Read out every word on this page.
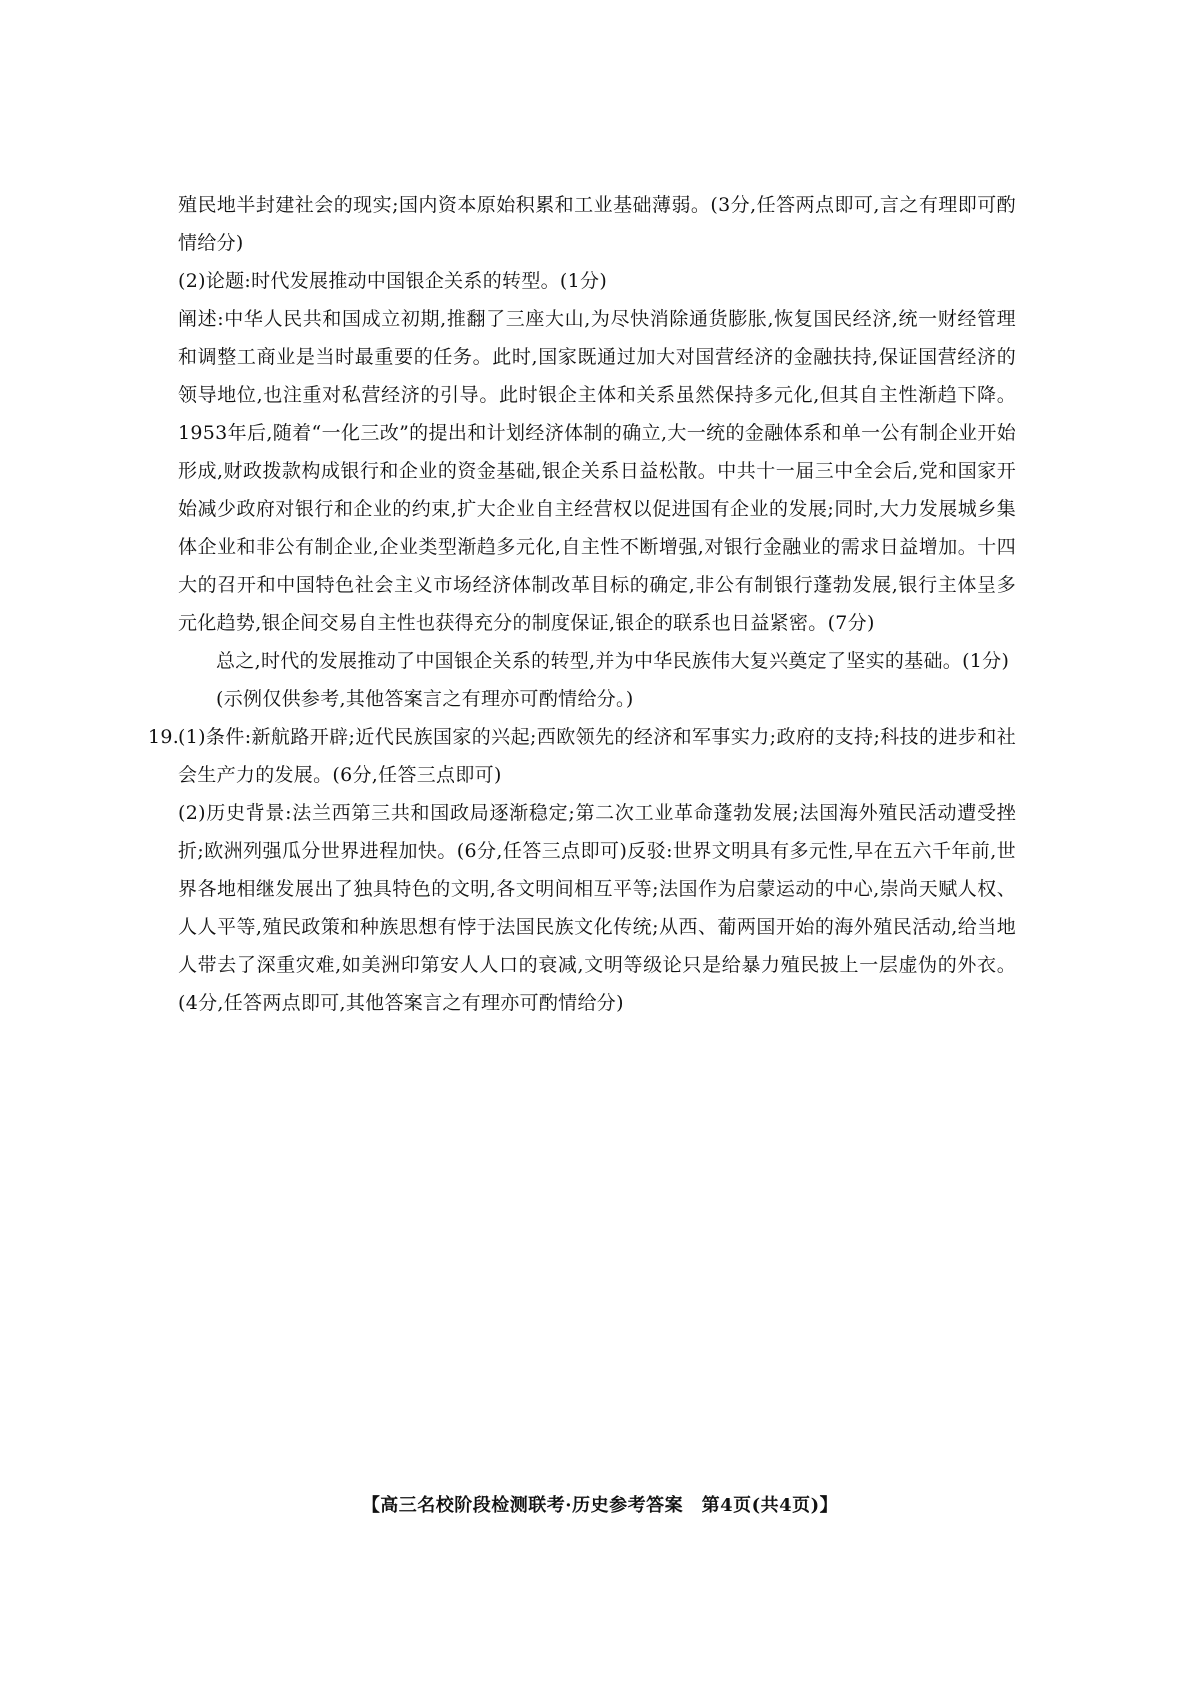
殖民地半封建社会的现实;国内资本原始积累和工业基础薄弱。(3分,任答两点即可,言之有理即可酌情给分)

(2)论题:时代发展推动中国银企关系的转型。(1分)

阐述:中华人民共和国成立初期,推翻了三座大山,为尽快消除通货膨胀,恢复国民经济,统一财经管理和调整工商业是当时最重要的任务。此时,国家既通过加大对国营经济的金融扶持,保证国营经济的领导地位,也注重对私营经济的引导。此时银企主体和关系虽然保持多元化,但其自主性渐趋下降。1953年后,随着“一化三改”的提出和计划经济体制的确立,大一统的金融体系和单一公有制企业开始形成,财政拨款构成银行和企业的资金基础,银企关系日益松散。中共十一届三中全会后,党和国家开始减少政府对银行和企业的约束,扩大企业自主经营权以促进国有企业的发展;同时,大力发展城乡集体企业和非公有制企业,企业类型渐趋多元化,自主性不断增强,对银行金融业的需求日益增加。十四大的召开和中国特色社会主义市场经济体制改革目标的确定,非公有制银行蓬勃发展,银行主体呈多元化趋势,银企间交易自主性也获得充分的制度保证,银企的联系也日益紧密。(7分)

总之,时代的发展推动了中国银企关系的转型,并为中华民族伟大复兴奠定了坚实的基础。(1分)

(示例仅供参考,其他答案言之有理亦可酌情给分。)

19.
(1)条件:新航路开辟;近代民族国家的兴起;西欧领先的经济和军事实力;政府的支持;科技的进步和社会生产力的发展。(6分,任答三点即可)

(2)历史背景:法兰西第三共和国政局逐渐稳定;第二次工业革命蓬勃发展;法国海外殖民活动遭受挫折;欧洲列强瓜分世界进程加快。(6分,任答三点即可)反驳:世界文明具有多元性,早在五六千年前,世界各地相继发展出了独具特色的文明,各文明间相互平等;法国作为启蒙运动的中心,崇尚天赋人权、人人平等,殖民政策和种族思想有悖于法国民族文化传统;从西、葡两国开始的海外殖民活动,给当地人带去了深重灾难,如美洲印第安人人口的衰减,文明等级论只是给暴力殖民披上一层虚伪的外衣。(4分,任答两点即可,其他答案言之有理亦可酌情给分)

【高三名校阶段检测联考·历史参考答案　第4页(共4页)】
